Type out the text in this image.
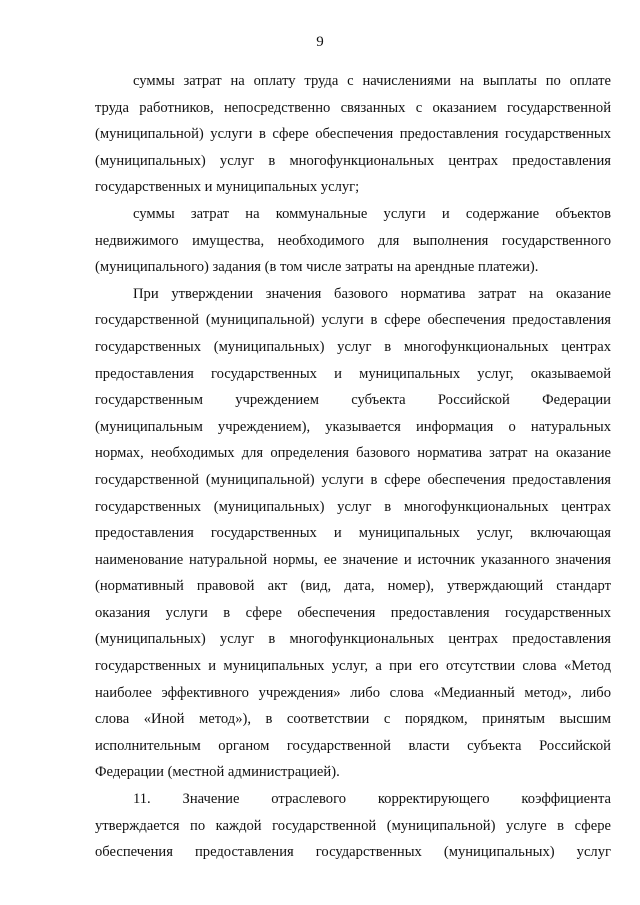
9
суммы затрат на оплату труда с начислениями на выплаты по оплате
труда работников, непосредственно связанных с оказанием государственной
(муниципальной) услуги в сфере обеспечения предоставления государственных
(муниципальных) услуг в многофункциональных центрах предоставления
государственных и муниципальных услуг;
суммы затрат на коммунальные услуги и содержание объектов
недвижимого имущества, необходимого для выполнения государственного
(муниципального) задания (в том числе затраты на арендные платежи).
При утверждении значения базового норматива затрат на оказание
государственной (муниципальной) услуги в сфере обеспечения предоставления
государственных (муниципальных) услуг в многофункциональных центрах
предоставления государственных и муниципальных услуг, оказываемой
государственным учреждением субъекта Российской Федерации
(муниципальным учреждением), указывается информация о натуральных
нормах, необходимых для определения базового норматива затрат на оказание
государственной (муниципальной) услуги в сфере обеспечения предоставления
государственных (муниципальных) услуг в многофункциональных центрах
предоставления государственных и муниципальных услуг, включающая
наименование натуральной нормы, ее значение и источник указанного значения
(нормативный правовой акт (вид, дата, номер), утверждающий стандарт
оказания услуги в сфере обеспечения предоставления государственных
(муниципальных) услуг в многофункциональных центрах предоставления
государственных и муниципальных услуг, а при его отсутствии слова «Метод
наиболее эффективного учреждения» либо слова «Медианный метод», либо
слова «Иной метод»), в соответствии с порядком, принятым высшим
исполнительным органом государственной власти субъекта Российской
Федерации (местной администрацией).
11. Значение отраслевого корректирующего коэффициента
утверждается по каждой государственной (муниципальной) услуге в сфере
обеспечения предоставления государственных (муниципальных) услуг
